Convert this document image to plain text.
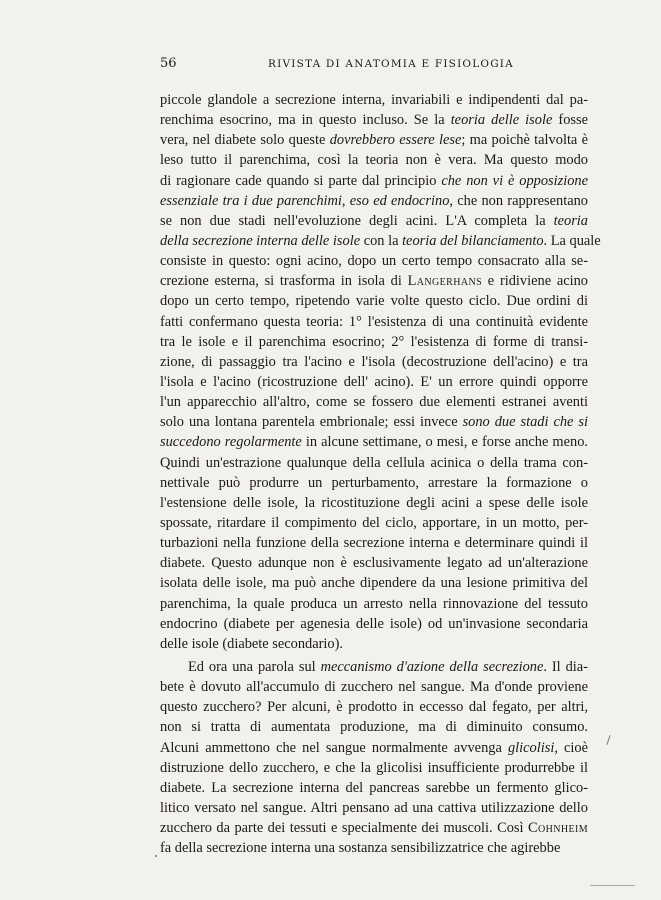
56	RIVISTA DI ANATOMIA E FISIOLOGIA
piccole glandole a secrezione interna, invariabili e indipendenti dal pa-
renchima esocrino, ma in questo incluso. Se la teoria delle isole fosse
vera, nel diabete solo queste dovrebbero essere lese; ma poichè talvolta è
leso tutto il parenchima, così la teoria non è vera. Ma questo modo
di ragionare cade quando si parte dal principio che non vi è opposizione
essenziale tra i due parenchimi, eso ed endocrino, che non rappresentano
se non due stadi nell'evoluzione degli acini. L'A completa la teoria
della secrezione interna delle isole con la teoria del bilanciamento. La quale
consiste in questo: ogni acino, dopo un certo tempo consacrato alla se-
crezione esterna, si trasforma in isola di Langerhans e ridiviene acino
dopo un certo tempo, ripetendo varie volte questo ciclo. Due ordini di
fatti confermano questa teoria: 1° l'esistenza di una continuità evidente
tra le isole e il parenchima esocrino; 2° l'esistenza di forme di transi-
zione, di passaggio tra l'acino e l'isola (decostruzione dell'acino) e tra
l'isola e l'acino (ricostruzione dell' acino). E' un errore quindi opporre
l'un apparecchio all'altro, come se fossero due elementi estranei aventi
solo una lontana parentela embrionale; essi invece sono due stadi che si
succedono regolarmente in alcune settimane, o mesi, e forse anche meno.
Quindi un'estrazione qualunque della cellula acinica o della trama con-
nettivale può produrre un perturbamento, arrestare la formazione o
l'estensione delle isole, la ricostituzione degli acini a spese delle isole
spossate, ritardare il compimento del ciclo, apportare, in un motto, per-
turbazioni nella funzione della secrezione interna e determinare quindi il
diabete. Questo adunque non è esclusivamente legato ad un'alterazione
isolata delle isole, ma può anche dipendere da una lesione primitiva del
parenchima, la quale produca un arresto nella rinnovazione del tessuto
endocrino (diabete per agenesia delle isole) od un'invasione secondaria
delle isole (diabete secondario).
Ed ora una parola sul meccanismo d'azione della secrezione. Il dia-
bete è dovuto all'accumulo di zucchero nel sangue. Ma d'onde proviene
questo zucchero? Per alcuni, è prodotto in eccesso dal fegato, per altri,
non si tratta di aumentata produzione, ma di diminuito consumo.
Alcuni ammettono che nel sangue normalmente avvenga glicolisi, cioè
distruzione dello zucchero, e che la glicolisi insufficiente produrrebbe il
diabete. La secrezione interna del pancreas sarebbe un fermento glico-
litico versato nel sangue. Altri pensano ad una cattiva utilizzazione dello
zucchero da parte dei tessuti e specialmente dei muscoli. Così Cohnheim
fa della secrezione interna una sostanza sensibilizzatrice che agirebbe
